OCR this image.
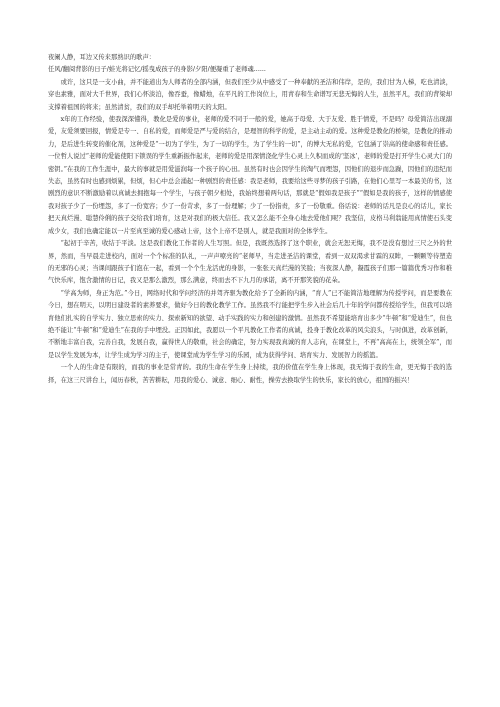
夜阑人静，耳边又传来那熟识的歌声：

任风/翻阅背影的日子/蛙光将记忆/摇曳成孩子的身影/夕阳/便凝重了老师魂......

或许，这只是一支小曲，并不能道出为人师者的全部内涵，但我们至少从中感受了一种奉献的圣洁和伟岸，是的，我们甘为人梯，吃也清淡，穿也素雅，面对大千世界，我们心怀淡泊，像吞蚕，像蜡烛，在平凡的工作岗位上，用青春和生命谱写无悲无悔的人生，虽然平凡，我们的背梁却支撑着祖国的将来；虽然清贫，我们的双手却托举着明天的太阳。

x年的工作经验，使我深深懂得，教化是爱的事业，老师的爱不同于一般的爱，她高于母爱、大于友爱、胜于情爱，不是吗？母爱简洁出现溺爱，友爱须要回报，情爱是专一、自私的爱，而师爱是严与爱的结合，是理智的科学的爱，是主动主动的爱。这种爱是教化的桥梁，是教化的推动力，是后进生转变的催化剂，这种爱是“一切为了学生，为了一切的学生，为了学生的一切”，的博大无私的爱，它包涵了崇高的使命感和责任感。一位哲人说过“老师的爱能使阳下锁误的学生重新振作起来，老师的爱是用深情浇化学生心灵上久积而成的‘坚冰’，老师的爱是打开学生心灵大门的密钥。”在我的工作生涯中，最大的事就是用爱滋润每一个孩子的心田。虽然有时也会因学生的淘气而埋怨，因他们的退步而急躁，因他们的违纪而失态，虽然有时也感到烦累，但烦，但心中总会涌起一种剧烈的责任感：我是老师，我要给这些寻梦的孩子引路，在他们心里写一本最美的书，这剧烈的意识不断激励着以真诚去拥抱每一个学生，与孩子朝夕相处，我始终想着两句话，那就是“假如我是孩子”“假如是我的孩子，这样的情感使我对孩子少了一份埋怨，多了一份宽容；少了一份苛求，多了一份理解；少了一份指责，多了一份敬重。俗话说：老师的话凡是良心的话儿，家长把天真烂漫、聪慧伶俐的孩子交给我们培育，这是对我们的极大信任。我又怎么能不全身心地去爱他们呢？我坚信，皮格马利翁能用真情使石头变成少女，我们也确定能以一片至真至诚的爱心感动上帝，这个上帝不是别人，就是我面对的全体学生。

“起初于辛苦，收结于平淡。这是我们教化工作者的人生写照。但是，我既然选择了这个职业，就会无恕无悔，我不是没有想过三尺之外的世界，然而，当早晨走进校内，面对一个个标准的队礼，一声声嘹亮的“老师早，当走进圣洁的课堂，看到一双双渴求甘霖的双眸，一颗颗等待塑造的无邪的心灵；当课间跟孩子们泡在一起，看到一个个生龙活虎的身影，一张张天真烂漫的笑脸；当夜深人静，凝霞孩子们那一篇篇优秀习作和稚气快乐库，饱含激情的日记，我又是那么激烈，那么满意，终而去不下九月的承诺，离不开那笑貌的花朵。

“学高为师，身正为范。”今日，网络时代和学问经济的并驾齐驱为教化给予了全新的内涵，“育人”已不能简洁地理解为传授学问，而是要教在今日，想在明天，以明日建设者的素养要求，做好今日的教化教学工作。虽然我不行能把学生步入社会后几十年的学问都传授给学生，但我可以培育他们扎实的自学实力、独立思索的实力、探索新知的欲望、动手实践的实力和创建的激情。虽然我不希望能培育出多少“牛顿”和“爱迪生”，但也绝不能让“牛顿”和“爱迪生”在我的手中埋没。正因如此，我愿以一个平凡教化工作者的真诚，投身于教化改革的风尖浪头，与时俱进，改革创新，不断地丰富自我，完善自我，发展自我，赢得世人的敬重，社会的确定，努力实现我真诚的育人志向，在课堂上，不再“高高在上，统领全军”，而是以学生发展为本，让学生成为学习的主子，使课堂成为学生学习的乐园，成为获得学问、培育实力、发展智力的摇篮。

一个人的生命是有限的，而我的事业是常青的。我的生命在学生身上持续，我的价值在学生身上体现，我无悔于我的生命，更无悔于我的选择，在这三尺讲台上，闻历春秋，苦苦耕耘，用我的爱心、诚意、细心、耐性，操劳去换取学生的快乐，家长的放心，祖国的振兴！
